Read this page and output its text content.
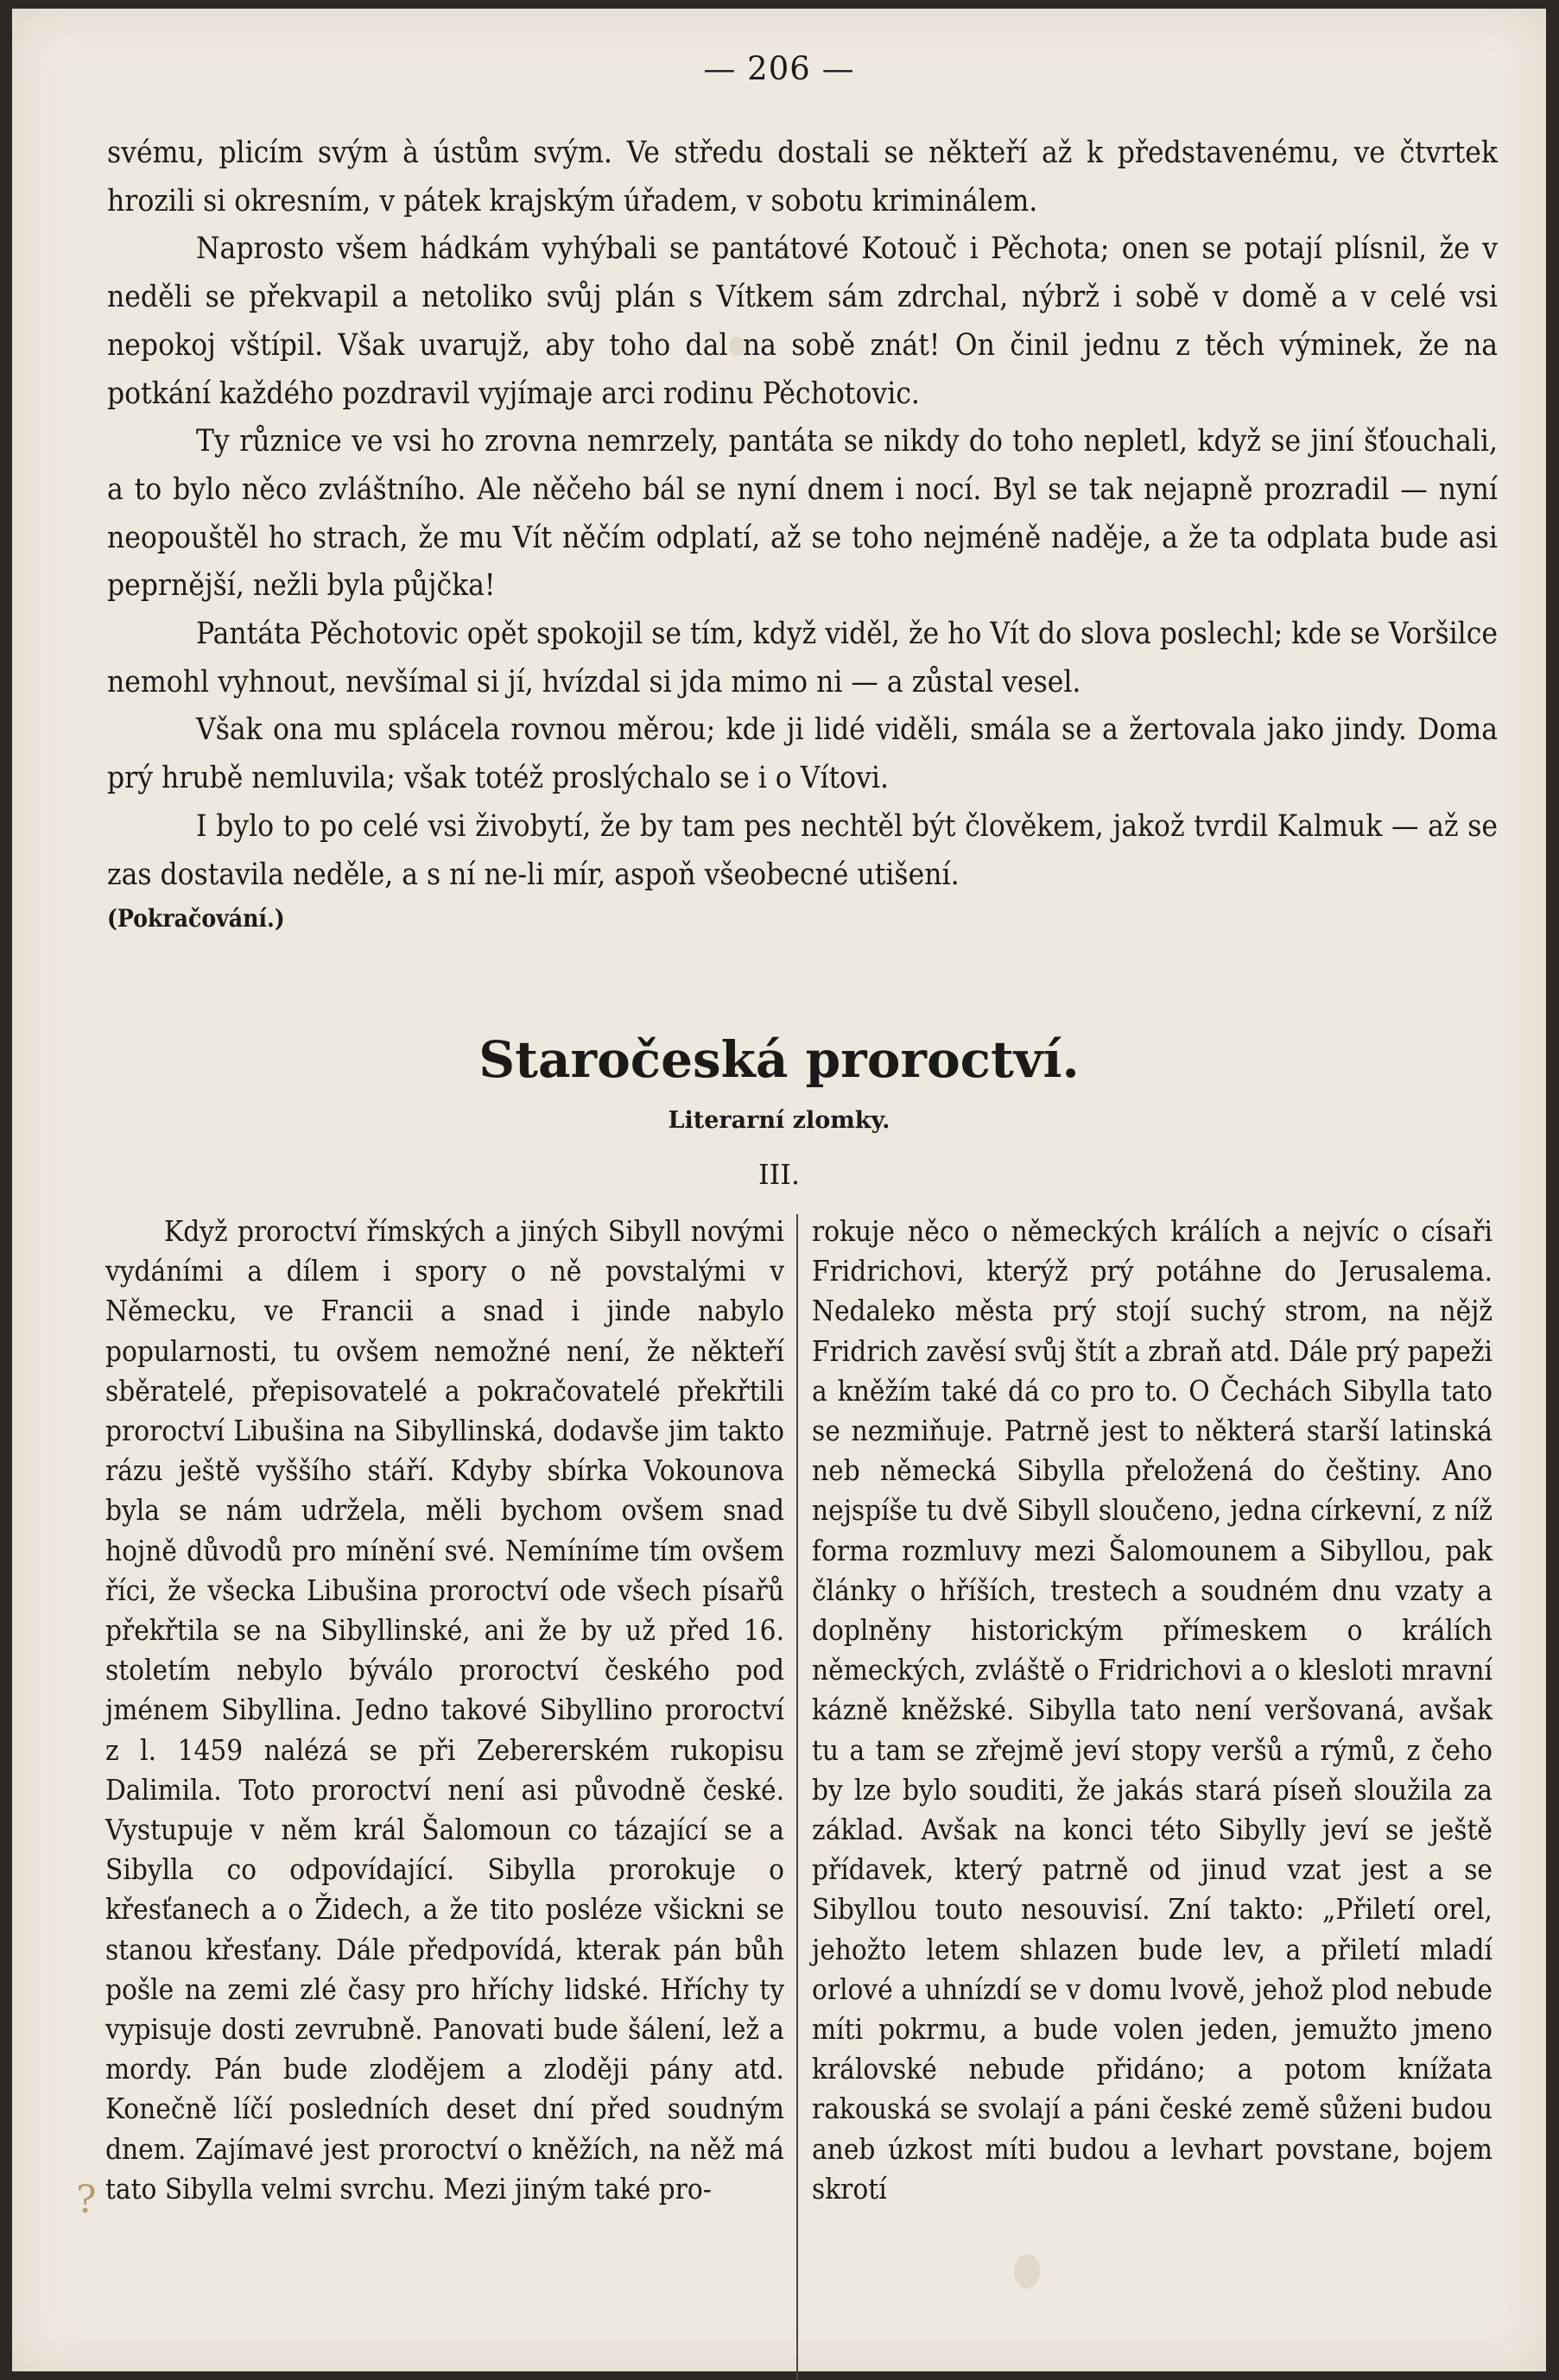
— 206 —

svému, plicím svým à ústům svým. Ve středu dostali se někteří až k představenému, ve čtvrtek hrozili si okresním, v pátek krajským úřadem, v sobotu kriminálem.

Naprosto všem hádkám vyhýbali se pantátové Kotouč i Pěchota; onen se potají plísnil, že v neděli se překvapil a netoliko svůj plán s Vítkem sám zdrchal, nýbrž i sobě v domě a v celé vsi nepokoj vštípil. Však uvarujž, aby toho dal na sobě znát! On činil jednu z těch výminek, že na potkání každého pozdravil vyjímaje arci rodinu Pěchotovic.

Ty různice ve vsi ho zrovna nemrzely, pantáta se nikdy do toho nepletl, když se jiní šťouchali, a to bylo něco zvláštního. Ale něčeho bál se nyní dnem i nocí. Byl se tak nejapně prozradil — nyní neopouštěl ho strach, že mu Vít něčím odplatí, až se toho nejméně naděje, a že ta odplata bude asi peprnější, nežli byla půjčka!

Pantáta Pěchotovic opět spokojil se tím, když viděl, že ho Vít do slova poslechl; kde se Voršilce nemohl vyhnout, nevšímal si jí, hvízdal si jda mimo ni — a zůstal vesel.

Však ona mu splácela rovnou měrou; kde ji lidé viděli, smála se a žertovala jako jindy. Doma prý hrubě nemluvila; však totéž proslýchalo se i o Vítovi.

I bylo to po celé vsi živobytí, že by tam pes nechtěl být člověkem, jakož tvrdil Kalmuk — až se zas dostavila neděle, a s ní ne-li mír, aspoň všeobecné utišení.

(Pokračování.)

Staročeská proroctví.
Literarní zlomky.
III.

Když proroctví římských a jiných Sibyll novými vydáními a dílem i spory o ně povstalými v Německu, ve Francii a snad i jinde nabylo popularnosti, tu ovšem nemožné není, že někteří sběratelé, přepisovatelé a pokračovatelé překřtili proroctví Libušina na Sibyllinská, dodavše jim takto rázu ještě vyššího stáří. Kdyby sbírka Vokounova byla se nám udržela, měli bychom ovšem snad hojně důvodů pro mínění své. Nemíníme tím ovšem říci, že všecka Libušina proroctví ode všech písařů překřtila se na Sibyllinské, ani že by už před 16. stoletím nebylo býválo proroctví českého pod jménem Sibyllina. Jedno takové Sibyllino proroctví z l. 1459 nalézá se při Zebererském rukopisu Dalimila. Toto proroctví není asi původně české. Vystupuje v něm král Šalomoun co tázající se a Sibylla co odpovídající. Sibylla prorokuje o křesťanech a o Židech, a že tito posléze všickni se stanou křesťany. Dále předpovídá, kterak pán bůh pošle na zemi zlé časy pro hříchy lidské. Hříchy ty vypisuje dosti zevrubně. Panovati bude šálení, lež a mordy. Pán bude zlodějem a zloději pány atd. Konečně líčí posledních deset dní před soudným dnem. Zajímavé jest proroctví o kněžích, na něž má tato Sibylla velmi svrchu. Mezi jiným také pro-

rokuje něco o německých králích a nejvíc o císaři Fridrichovi, kterýž prý potáhne do Jerusalema. Nedaleko města prý stojí suchý strom, na nějž Fridrich zavěsí svůj štít a zbraň atd. Dále prý papeži a kněžím také dá co pro to. O Čechách Sibylla tato se nezmiňuje. Patrně jest to některá starší latinská neb německá Sibylla přeložená do češtiny. Ano nejspíše tu dvě Sibyll sloučeno, jedna církevní, z níž forma rozmluvy mezi Šalomounem a Sibyllou, pak články o hříších, trestech a soudném dnu vzaty a doplněny historickým přímeskem o králích německých, zvláště o Fridrichovi a o klesloti mravní kázně kněžské. Sibylla tato není veršovaná, avšak tu a tam se zřejmě jeví stopy veršů a rýmů, z čeho by lze bylo souditi, že jakás stará píseň sloužila za základ. Avšak na konci této Sibylly jeví se ještě přídavek, který patrně od jinud vzat jest a se Sibyllou touto nesouvisí. Zní takto: „Přiletí orel, jehožto letem shlazen bude lev, a přiletí mladí orlové a uhnízdí se v domu lvově, jehož plod nebude míti pokrmu, a bude volen jeden, jemužto jmeno královské nebude přidáno; a potom knížata rakouská se svolají a páni české země sůženi budou aneb úzkost míti budou a levhart povstane, bojem skrotí

?
